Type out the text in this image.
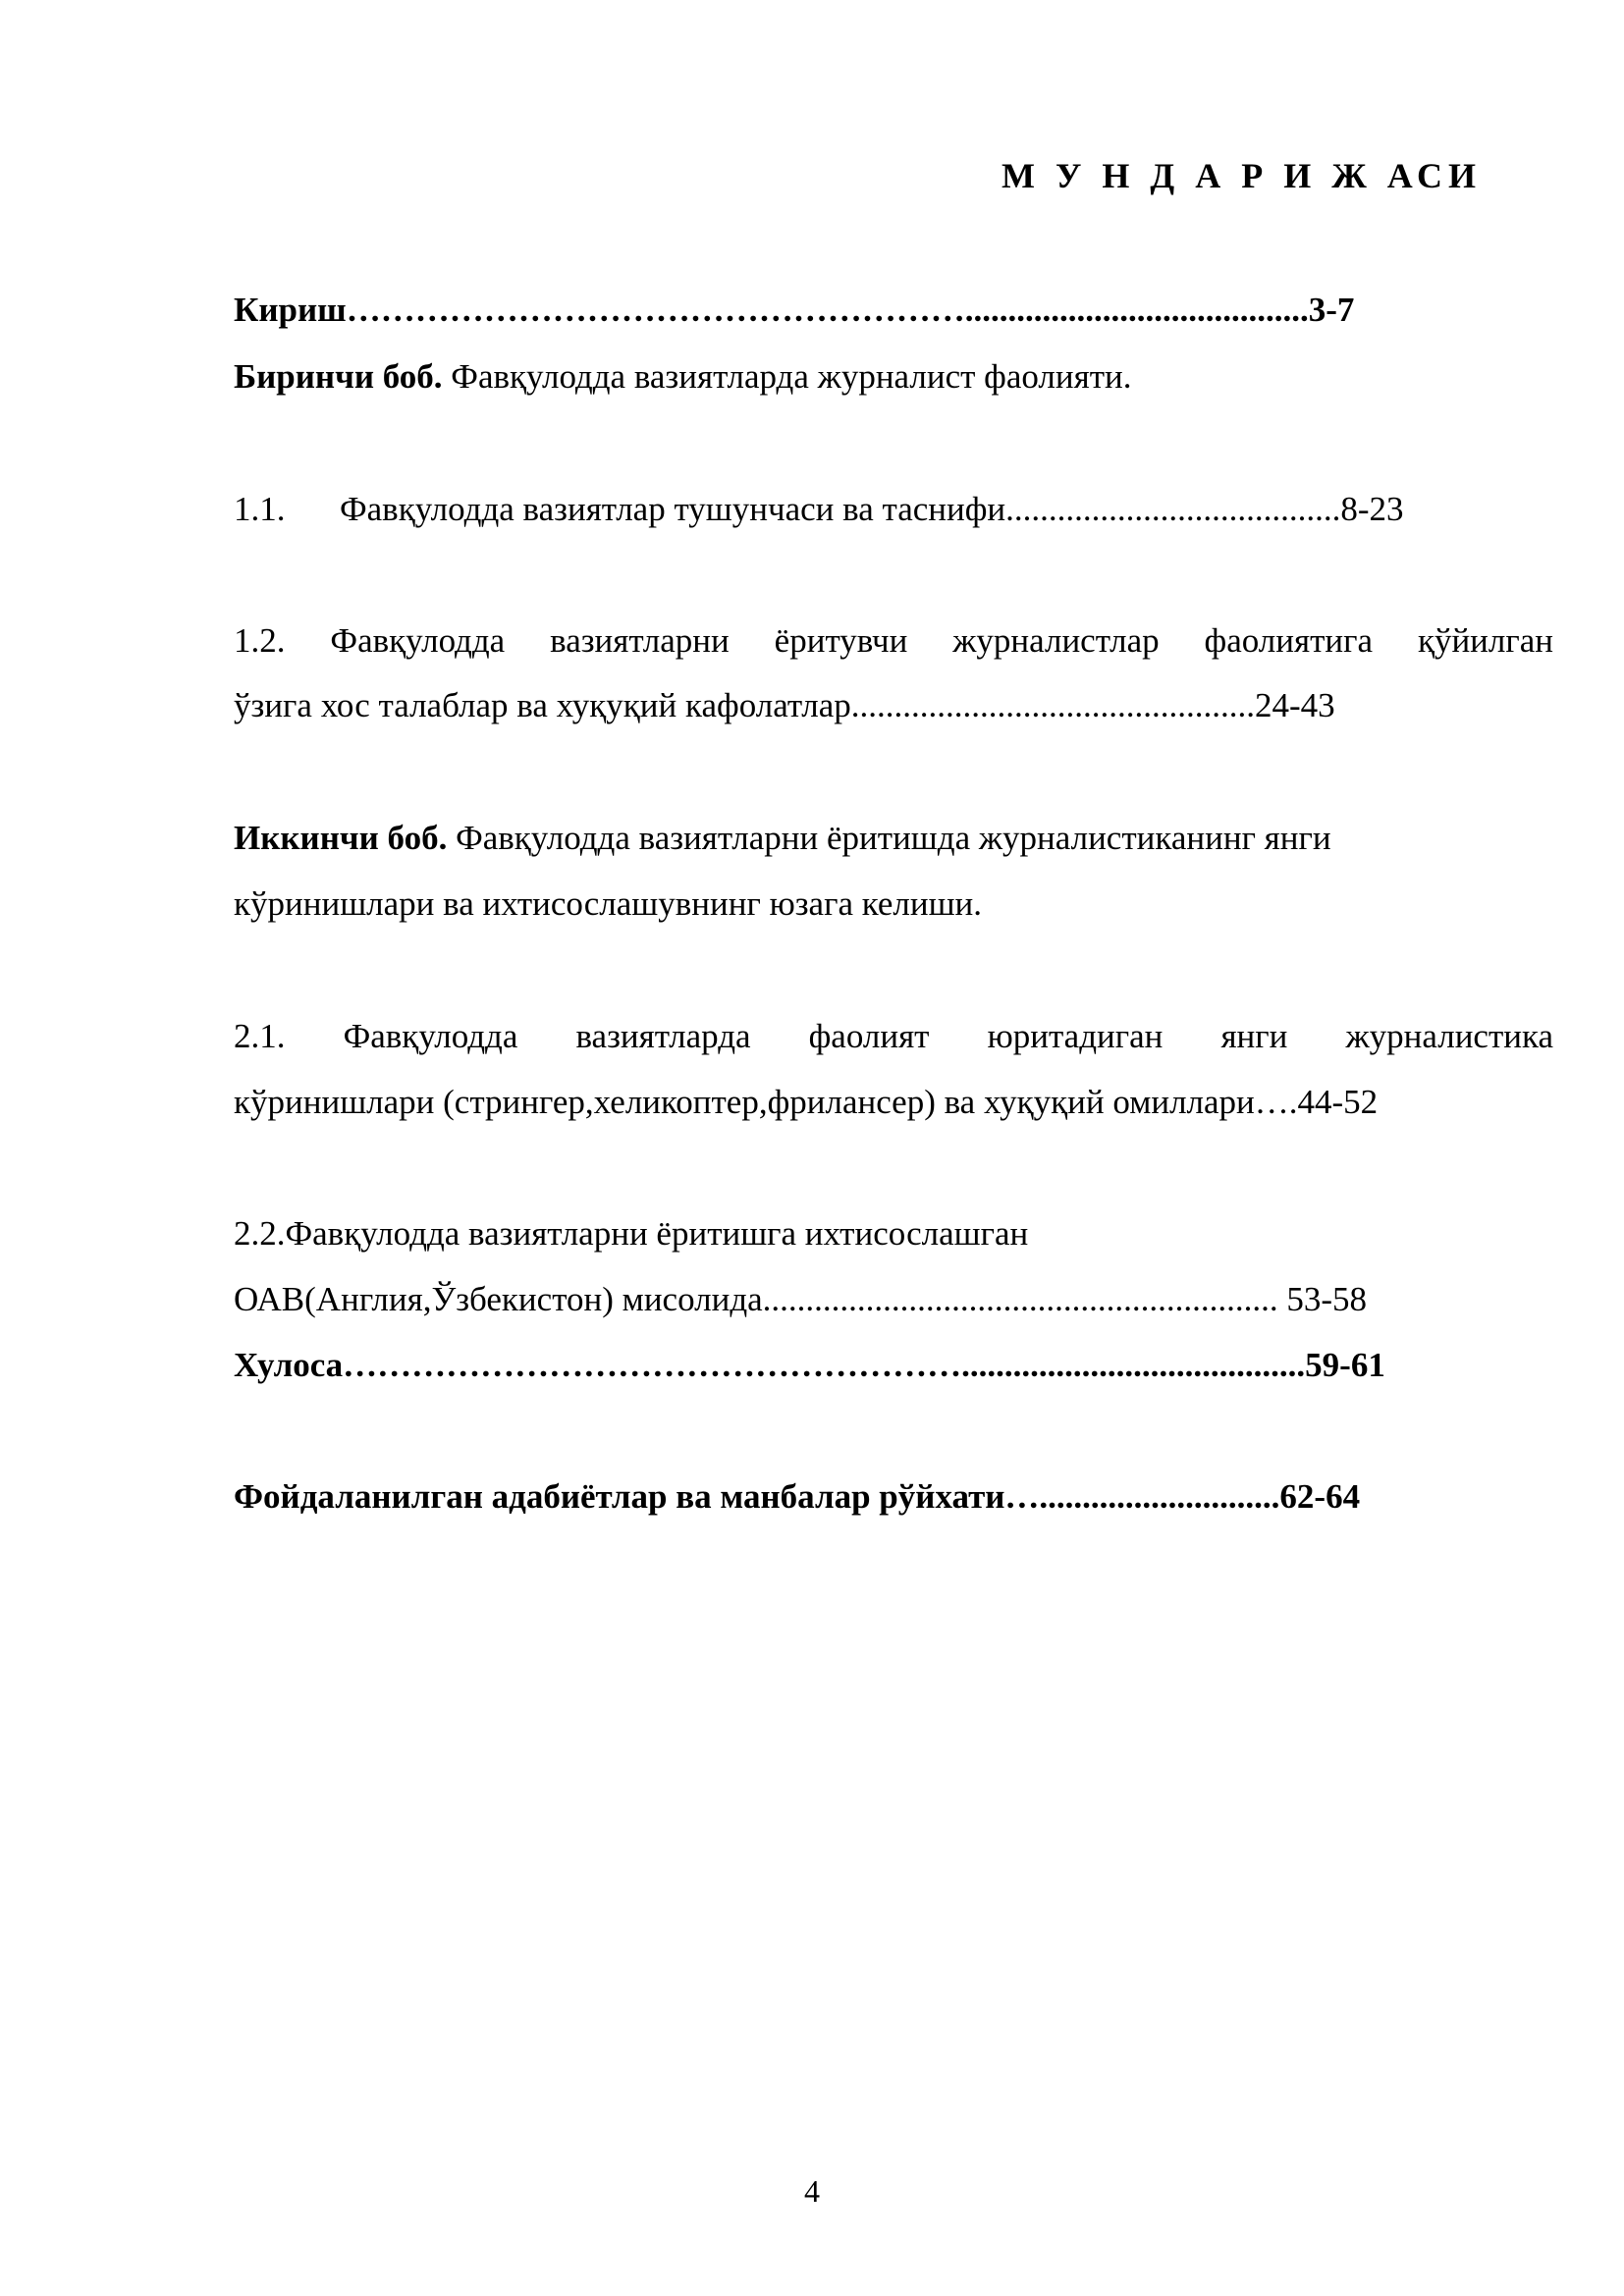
М У Н Д А Р И Ж АСИ
Кириш………………………………………………........................................3-7
Биринчи боб. Фавқулодда вазиятларда журналист фаолияти.
1.1. Фавқулодда вазиятлар тушунчаси ва таснифи.......................................8-23
1.2. Фавқулодда вазиятларни ёритувчи журналистлар фаолиятига қўйилган
ўзига хос талаблар ва хуқуқий кафолатлар...............................................24-43
Иккинчи боб. Фавқулодда вазиятларни ёритишда журналистиканинг янги
кўринишлари ва ихтисослашувнинг юзага келиши.
2.1. Фавқулодда вазиятларда фаолият юритадиган янги журналистика
кўринишлари (стрингер,хеликоптер,фрилансер) ва хуқуқий омиллари….44-52
2.2.Фавқулодда вазиятларни ёритишга ихтисослашган
ОАВ(Англия,Ўзбекистон) мисолида............................................................ 53-58
Хулоса………………………………………………........................................59-61
Фойдаланилган адабиётлар ва манбалар рўйхати…............................62-64
4
